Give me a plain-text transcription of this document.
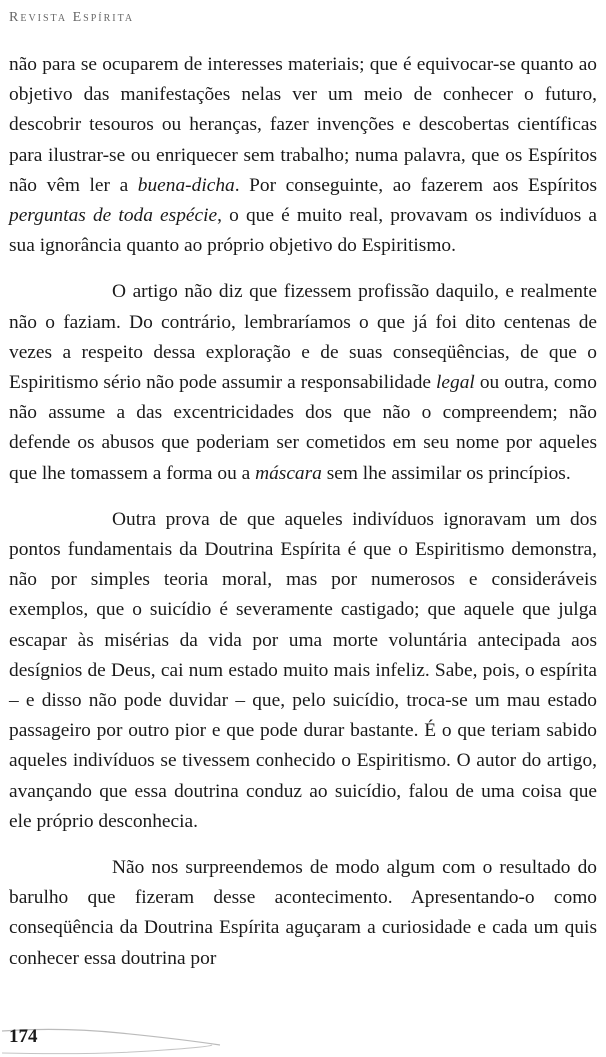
Revista Espírita

não para se ocuparem de interesses materiais; que é equivocar-se quanto ao objetivo das manifestações nelas ver um meio de conhecer o futuro, descobrir tesouros ou heranças, fazer invenções e descobertas científicas para ilustrar-se ou enriquecer sem trabalho; numa palavra, que os Espíritos não vêm ler a buena-dicha. Por conseguinte, ao fazerem aos Espíritos perguntas de toda espécie, o que é muito real, provavam os indivíduos a sua ignorância quanto ao próprio objetivo do Espiritismo.

O artigo não diz que fizessem profissão daquilo, e realmente não o faziam. Do contrário, lembraríamos o que já foi dito centenas de vezes a respeito dessa exploração e de suas conseqüências, de que o Espiritismo sério não pode assumir a responsabilidade legal ou outra, como não assume a das excentricidades dos que não o compreendem; não defende os abusos que poderiam ser cometidos em seu nome por aqueles que lhe tomassem a forma ou a máscara sem lhe assimilar os princípios.

Outra prova de que aqueles indivíduos ignoravam um dos pontos fundamentais da Doutrina Espírita é que o Espiritismo demonstra, não por simples teoria moral, mas por numerosos e consideráveis exemplos, que o suicídio é severamente castigado; que aquele que julga escapar às misérias da vida por uma morte voluntária antecipada aos desígnios de Deus, cai num estado muito mais infeliz. Sabe, pois, o espírita – e disso não pode duvidar – que, pelo suicídio, troca-se um mau estado passageiro por outro pior e que pode durar bastante. É o que teriam sabido aqueles indivíduos se tivessem conhecido o Espiritismo. O autor do artigo, avançando que essa doutrina conduz ao suicídio, falou de uma coisa que ele próprio desconhecia.

Não nos surpreendemos de modo algum com o resultado do barulho que fizeram desse acontecimento. Apresentando-o como conseqüência da Doutrina Espírita aguçaram a curiosidade e cada um quis conhecer essa doutrina por

174
